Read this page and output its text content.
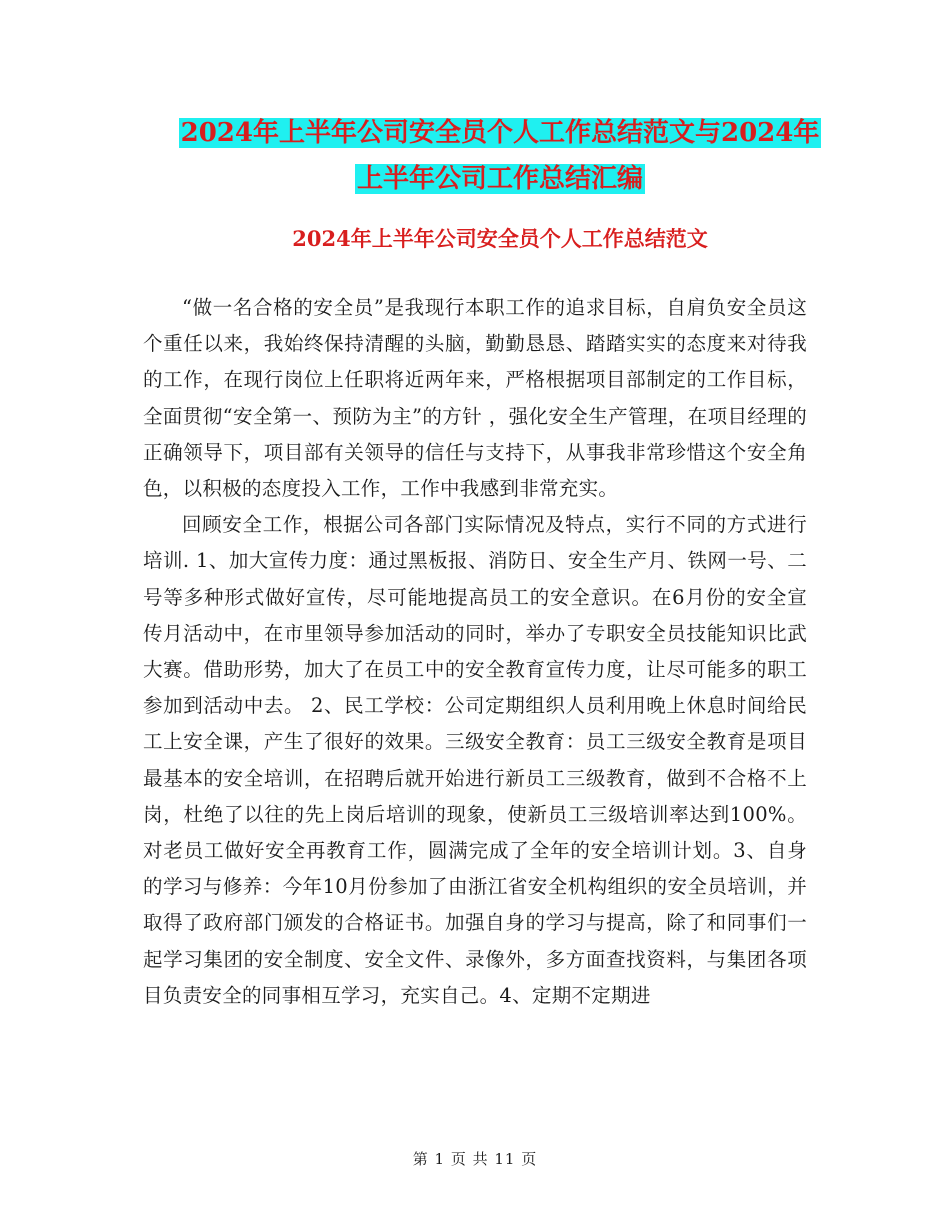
2024年上半年公司安全员个人工作总结范文与2024年
上半年公司工作总结汇编
2024年上半年公司安全员个人工作总结范文

“做一名合格的安全员”是我现行本职工作的追求目标，自肩负安全员这个重任以来，我始终保持清醒的头脑，勤勤恳恳、踏踏实实的态度来对待我的工作，在现行岗位上任职将近两年来，严格根据项目部制定的工作目标，全面贯彻“安全第一、预防为主”的方针 ，强化安全生产管理，在项目经理的正确领导下，项目部有关领导的信任与支持下，从事我非常珍惜这个安全角色，以积极的态度投入工作，工作中我感到非常充实。

回顾安全工作，根据公司各部门实际情况及特点，实行不同的方式进行培训. 1、加大宣传力度：通过黑板报、消防日、安全生产月、铁网一号、二号等多种形式做好宣传，尽可能地提高员工的安全意识。在6月份的安全宣传月活动中，在市里领导参加活动的同时，举办了专职安全员技能知识比武大赛。借助形势，加大了在员工中的安全教育宣传力度，让尽可能多的职工参加到活动中去。 2、民工学校：公司定期组织人员利用晚上休息时间给民工上安全课，产生了很好的效果。三级安全教育：员工三级安全教育是项目最基本的安全培训，在招聘后就开始进行新员工三级教育，做到不合格不上岗，杜绝了以往的先上岗后培训的现象，使新员工三级培训率达到100%。对老员工做好安全再教育工作，圆满完成了全年的安全培训计划。3、自身的学习与修养：今年10月份参加了由浙江省安全机构组织的安全员培训，并取得了政府部门颁发的合格证书。加强自身的学习与提高，除了和同事们一起学习集团的安全制度、安全文件、录像外，多方面查找资料，与集团各项目负责安全的同事相互学习，充实自己。4、定期不定期进

第 1 页 共 11 页
